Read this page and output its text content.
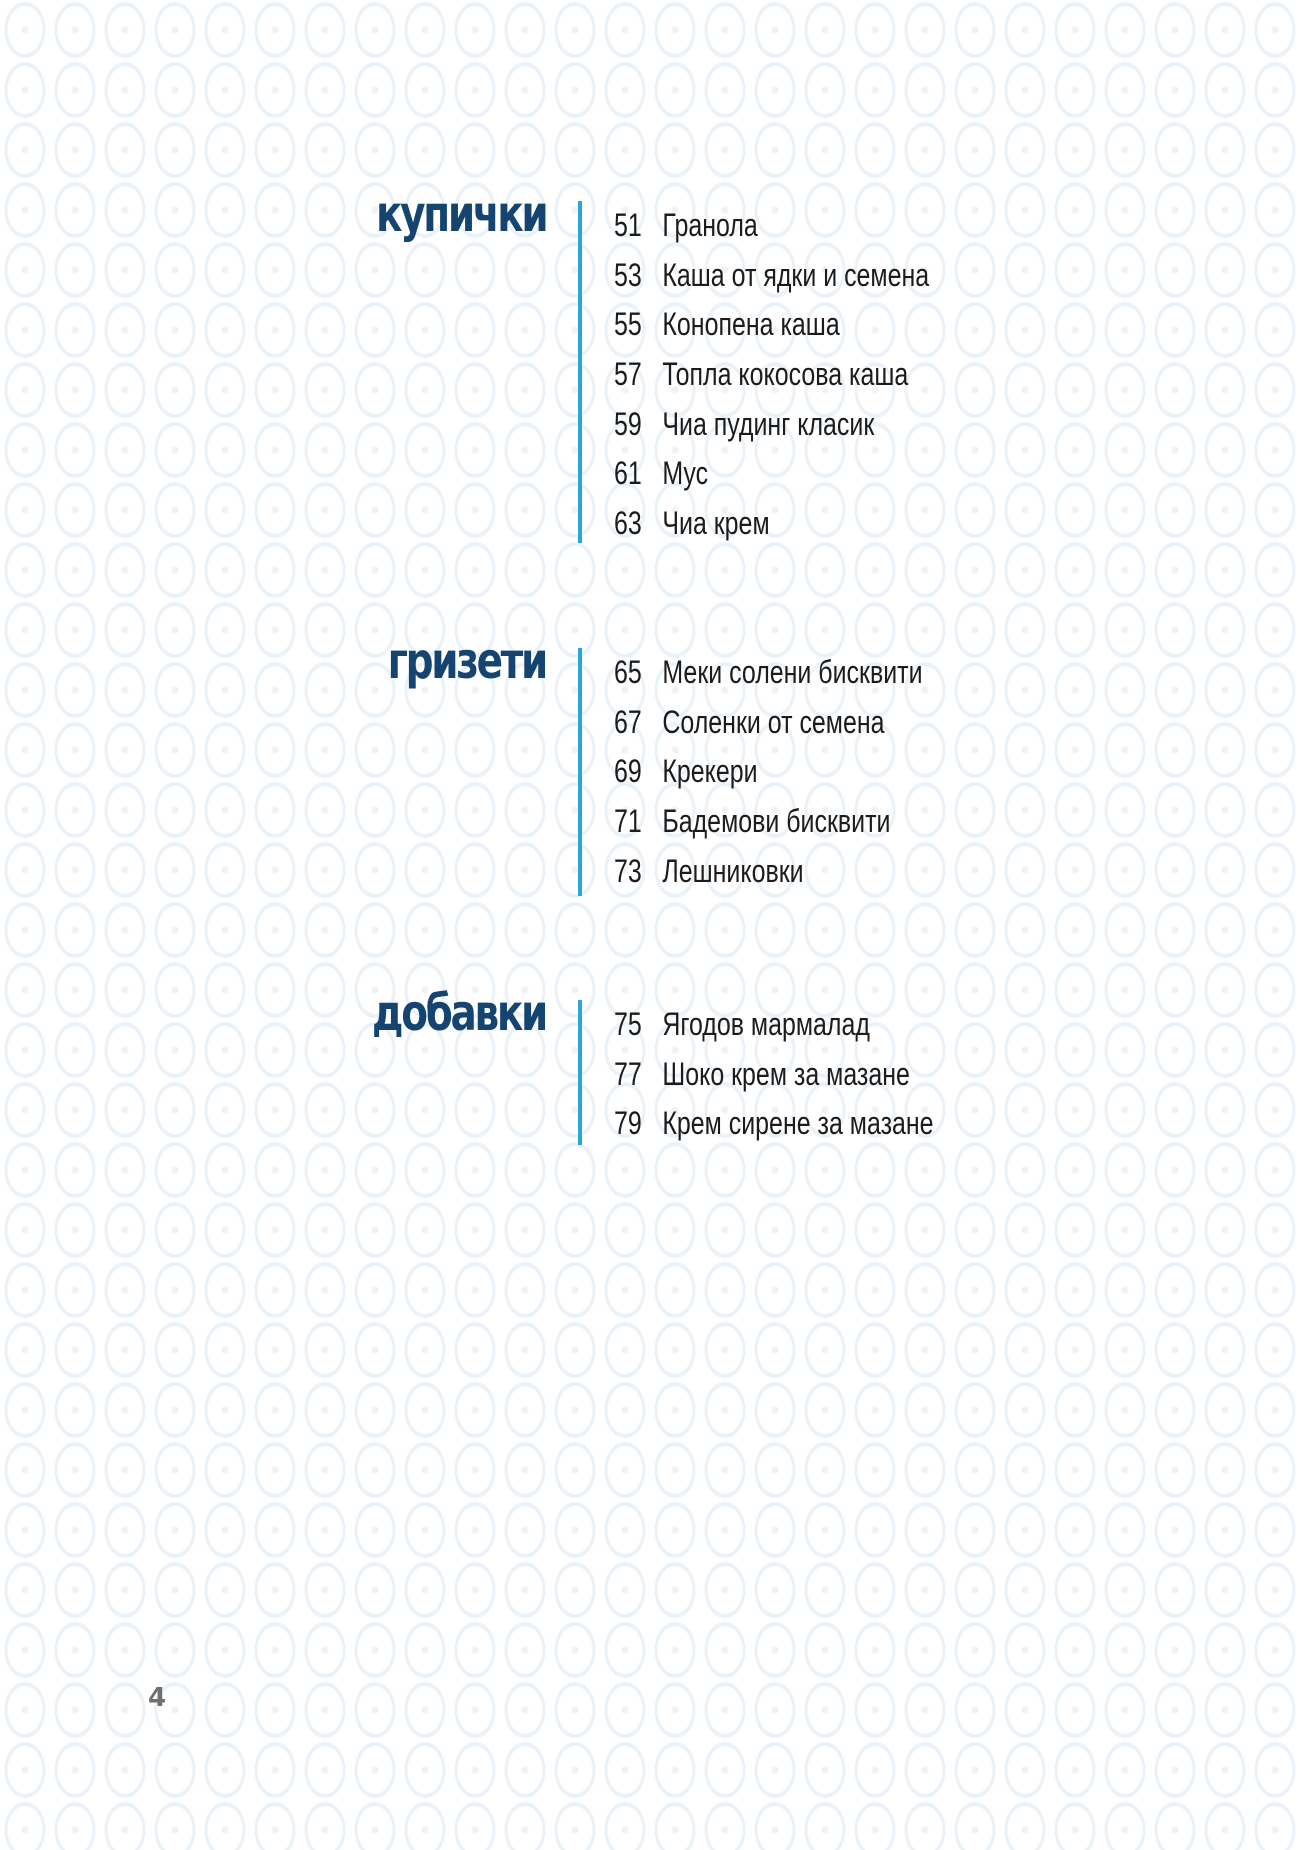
купички 51 Гранола
53 Каша от ядки и семена
55 Конопена каша
57 Топла кокосова каша
59 Чиа пудинг класик
61 Мус
63 Чиа крем
гризети 65 Меки солени бисквити
67 Соленки от семена
69 Крекери
71 Бадемови бисквити
73 Лешниковки
добавки 75 Ягодов мармалад
77 Шоко крем за мазане
79 Крем сирене за мазане
4
